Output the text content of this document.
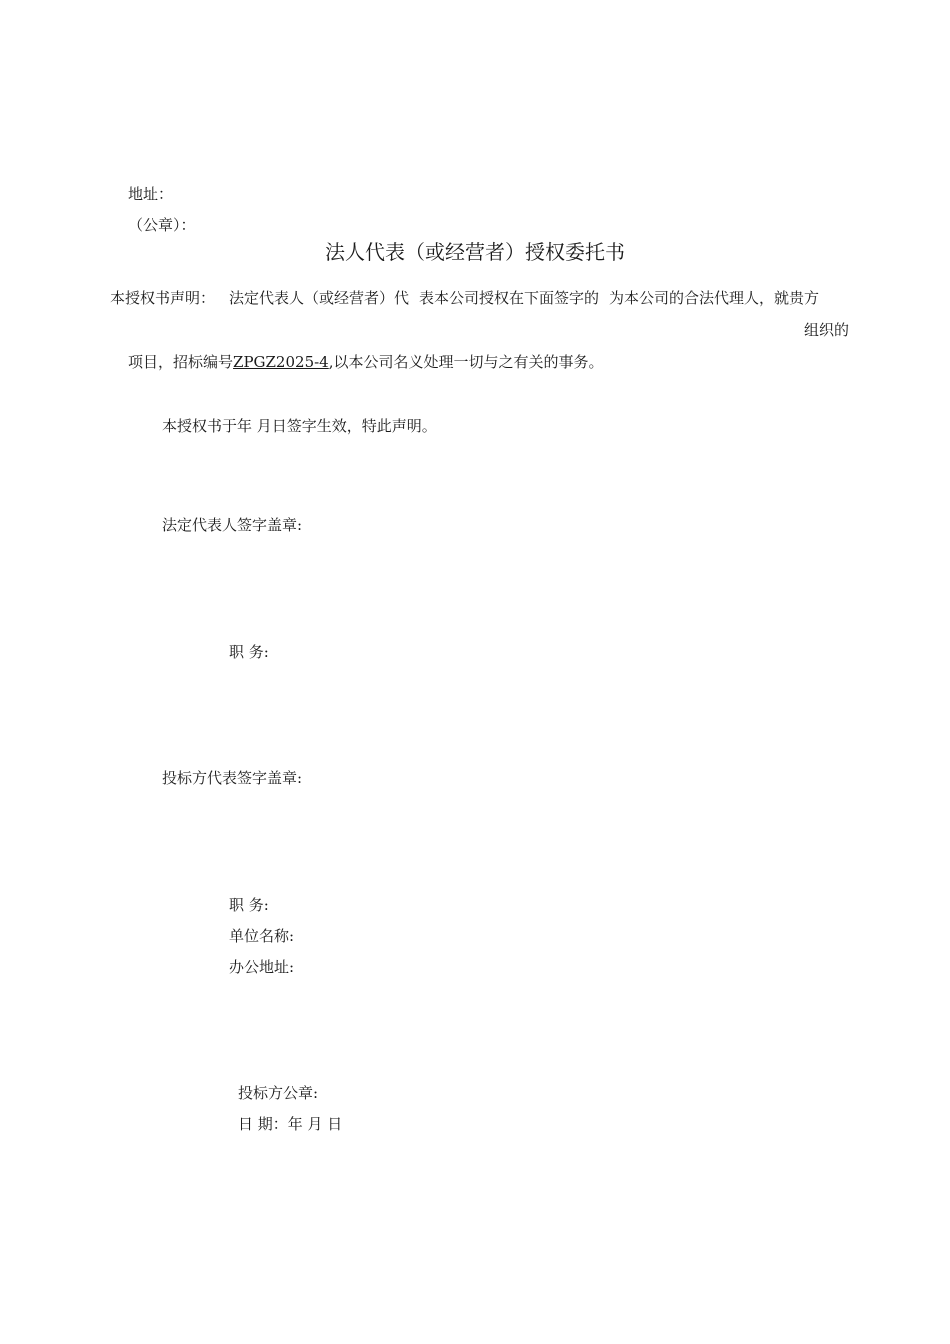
地址：
（公章）：
法人代表（或经营者）授权委托书
本授权书声明： 法定代表人（或经营者）代 表本公司授权在下面签字的 为本公司的合法代理人，就贵方
组织的
项目，招标编号ZPGZ2025-4,以本公司名义处理一切与之有关的事务。
本授权书于年 月日签字生效，特此声明。
法定代表人签字盖章:
职 务:
投标方代表签字盖章:
职 务:
单位名称:
办公地址:
投标方公章:
日 期：年 月 日
